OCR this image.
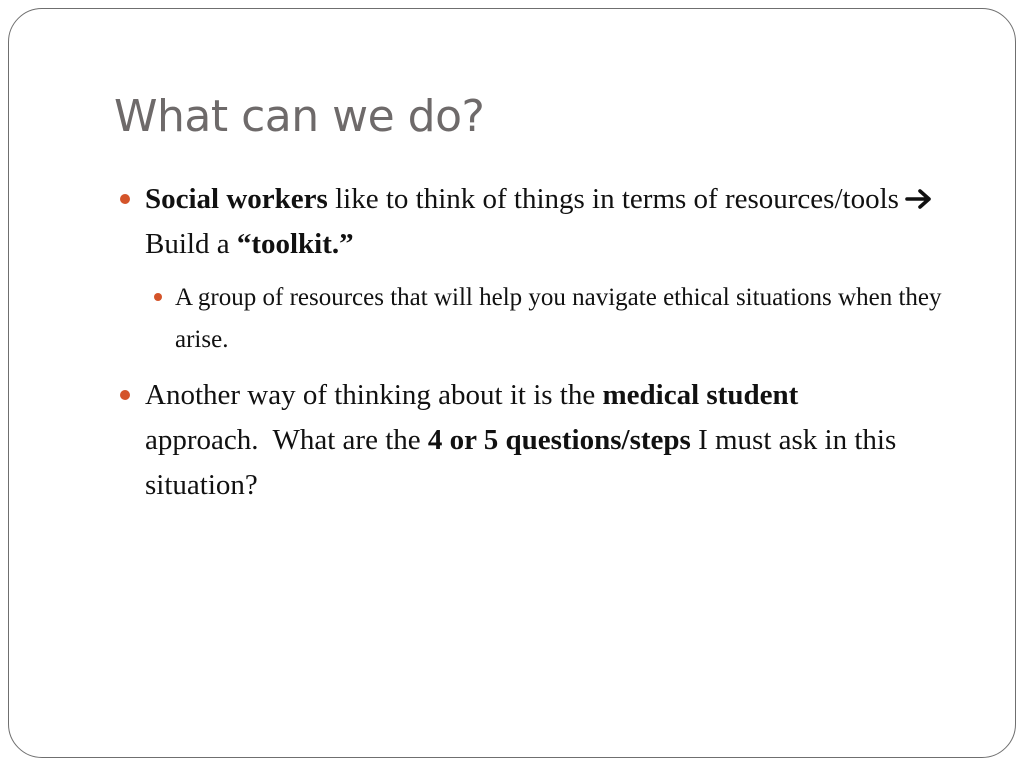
What can we do?
Social workers like to think of things in terms of resources/tools Build a “toolkit.”
A group of resources that will help you navigate ethical situations when they arise.
Another way of thinking about it is the medical student approach.  What are the 4 or 5 questions/steps I must ask in this situation?
